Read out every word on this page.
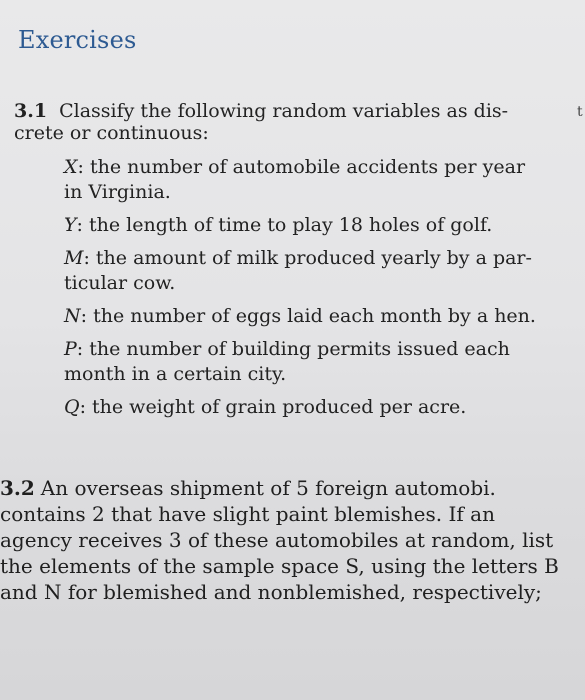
Exercises
3.1 Classify the following random variables as dis-
crete or continuous:
t
X: the number of automobile accidents per year
in Virginia.
Y: the length of time to play 18 holes of golf.
M: the amount of milk produced yearly by a par-
ticular cow.
N: the number of eggs laid each month by a hen.
P: the number of building permits issued each
month in a certain city.
Q: the weight of grain produced per acre.
3.2 An overseas shipment of 5 foreign automobi.
contains 2 that have slight paint blemishes. If an
agency receives 3 of these automobiles at random, list
the elements of the sample space S, using the letters B
and N for blemished and nonblemished, respectively;
